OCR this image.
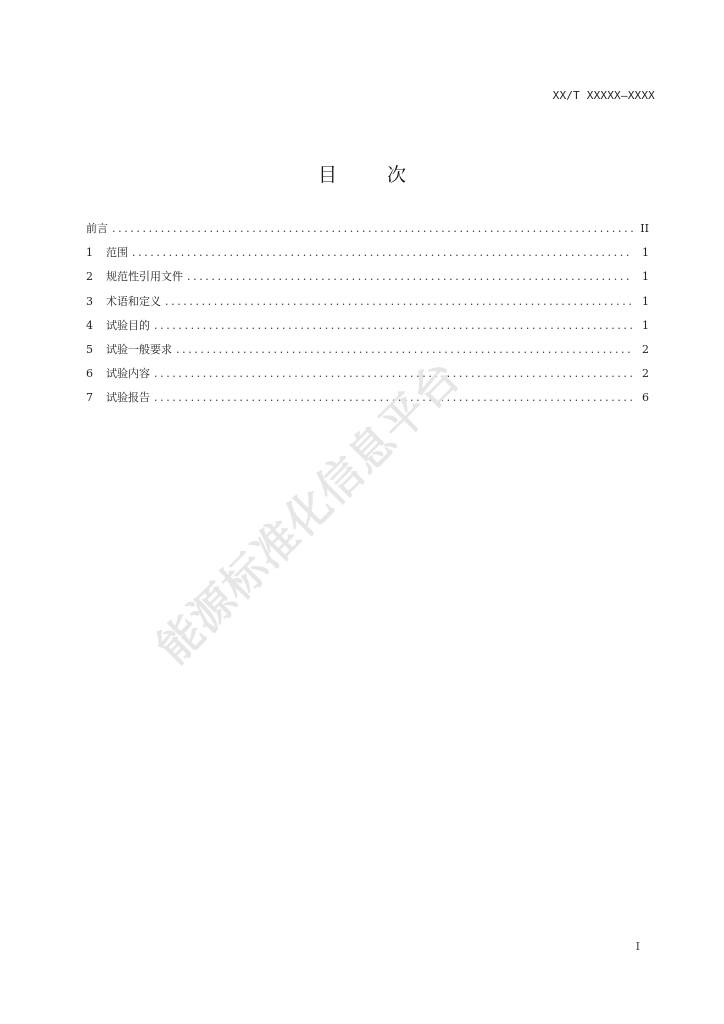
XX/T XXXXX—XXXX
目 次
前言 .....	II
1	范围 .....	1
2	规范性引用文件 .....	1
3	术语和定义 .....	1
4	试验目的 .....	1
5	试验一般要求 .....	2
6	试验内容 .....	2
7	试验报告 .....	6
能源标准化信息平台
I
